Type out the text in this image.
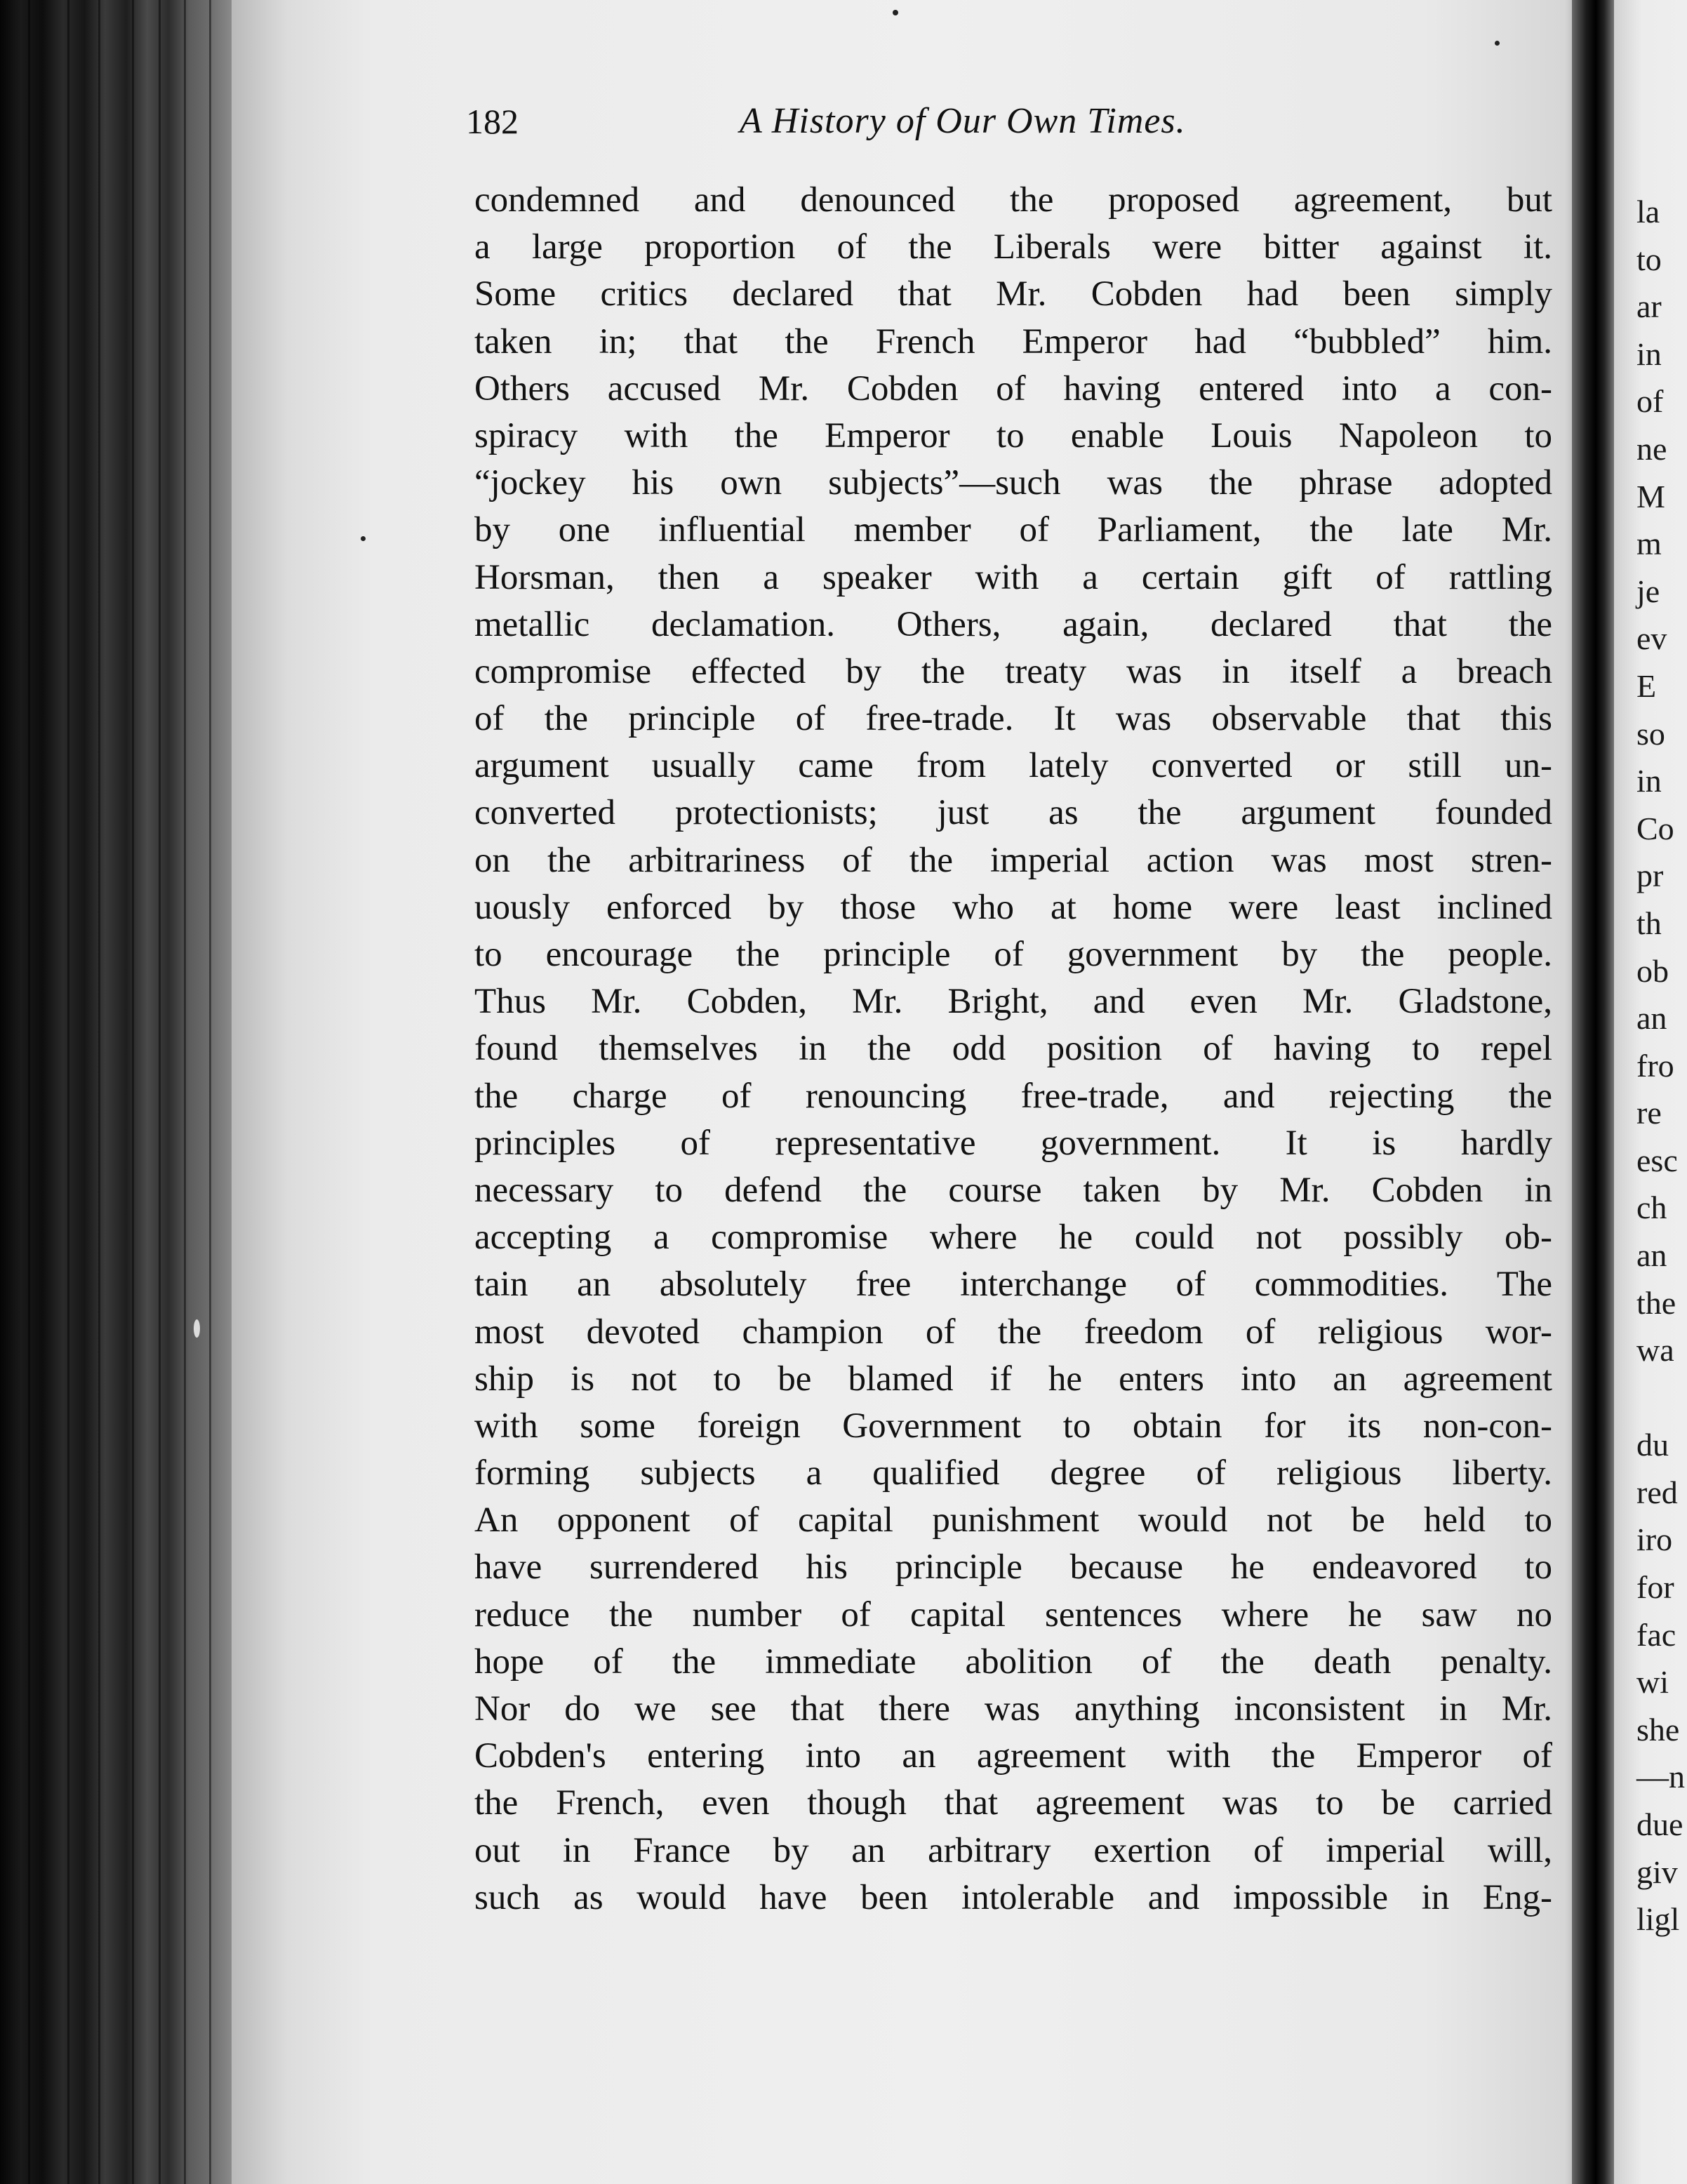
182	A History of Our Own Times.
condemned and denounced the proposed agreement, but
a large proportion of the Liberals were bitter against it.
Some critics declared that Mr. Cobden had been simply
taken in; that the French Emperor had “bubbled” him.
Others accused Mr. Cobden of having entered into a con-
spiracy with the Emperor to enable Louis Napoleon to
“jockey his own subjects”—such was the phrase adopted
by one influential member of Parliament, the late Mr.
Horsman, then a speaker with a certain gift of rattling
metallic declamation. Others, again, declared that the
compromise effected by the treaty was in itself a breach
of the principle of free-trade. It was observable that this
argument usually came from lately converted or still un-
converted protectionists; just as the argument founded
on the arbitrariness of the imperial action was most stren-
uously enforced by those who at home were least inclined
to encourage the principle of government by the people.
Thus Mr. Cobden, Mr. Bright, and even Mr. Gladstone,
found themselves in the odd position of having to repel
the charge of renouncing free-trade, and rejecting the
principles of representative government. It is hardly
necessary to defend the course taken by Mr. Cobden in
accepting a compromise where he could not possibly ob-
tain an absolutely free interchange of commodities. The
most devoted champion of the freedom of religious wor-
ship is not to be blamed if he enters into an agreement
with some foreign Government to obtain for its non-con-
forming subjects a qualified degree of religious liberty.
An opponent of capital punishment would not be held to
have surrendered his principle because he endeavored to
reduce the number of capital sentences where he saw no
hope of the immediate abolition of the death penalty.
Nor do we see that there was anything inconsistent in Mr.
Cobden's entering into an agreement with the Emperor of
the French, even though that agreement was to be carried
out in France by an arbitrary exertion of imperial will,
such as would have been intolerable and impossible in Eng-
la
to
ar
in
of
ne
M
m
je
ev
E
so
in
Co
pr
th
ob
an
fro
re
esc
ch
an
the
wa
du
red
iro
for
fac
wi
she
—n
due
giv
ligl
